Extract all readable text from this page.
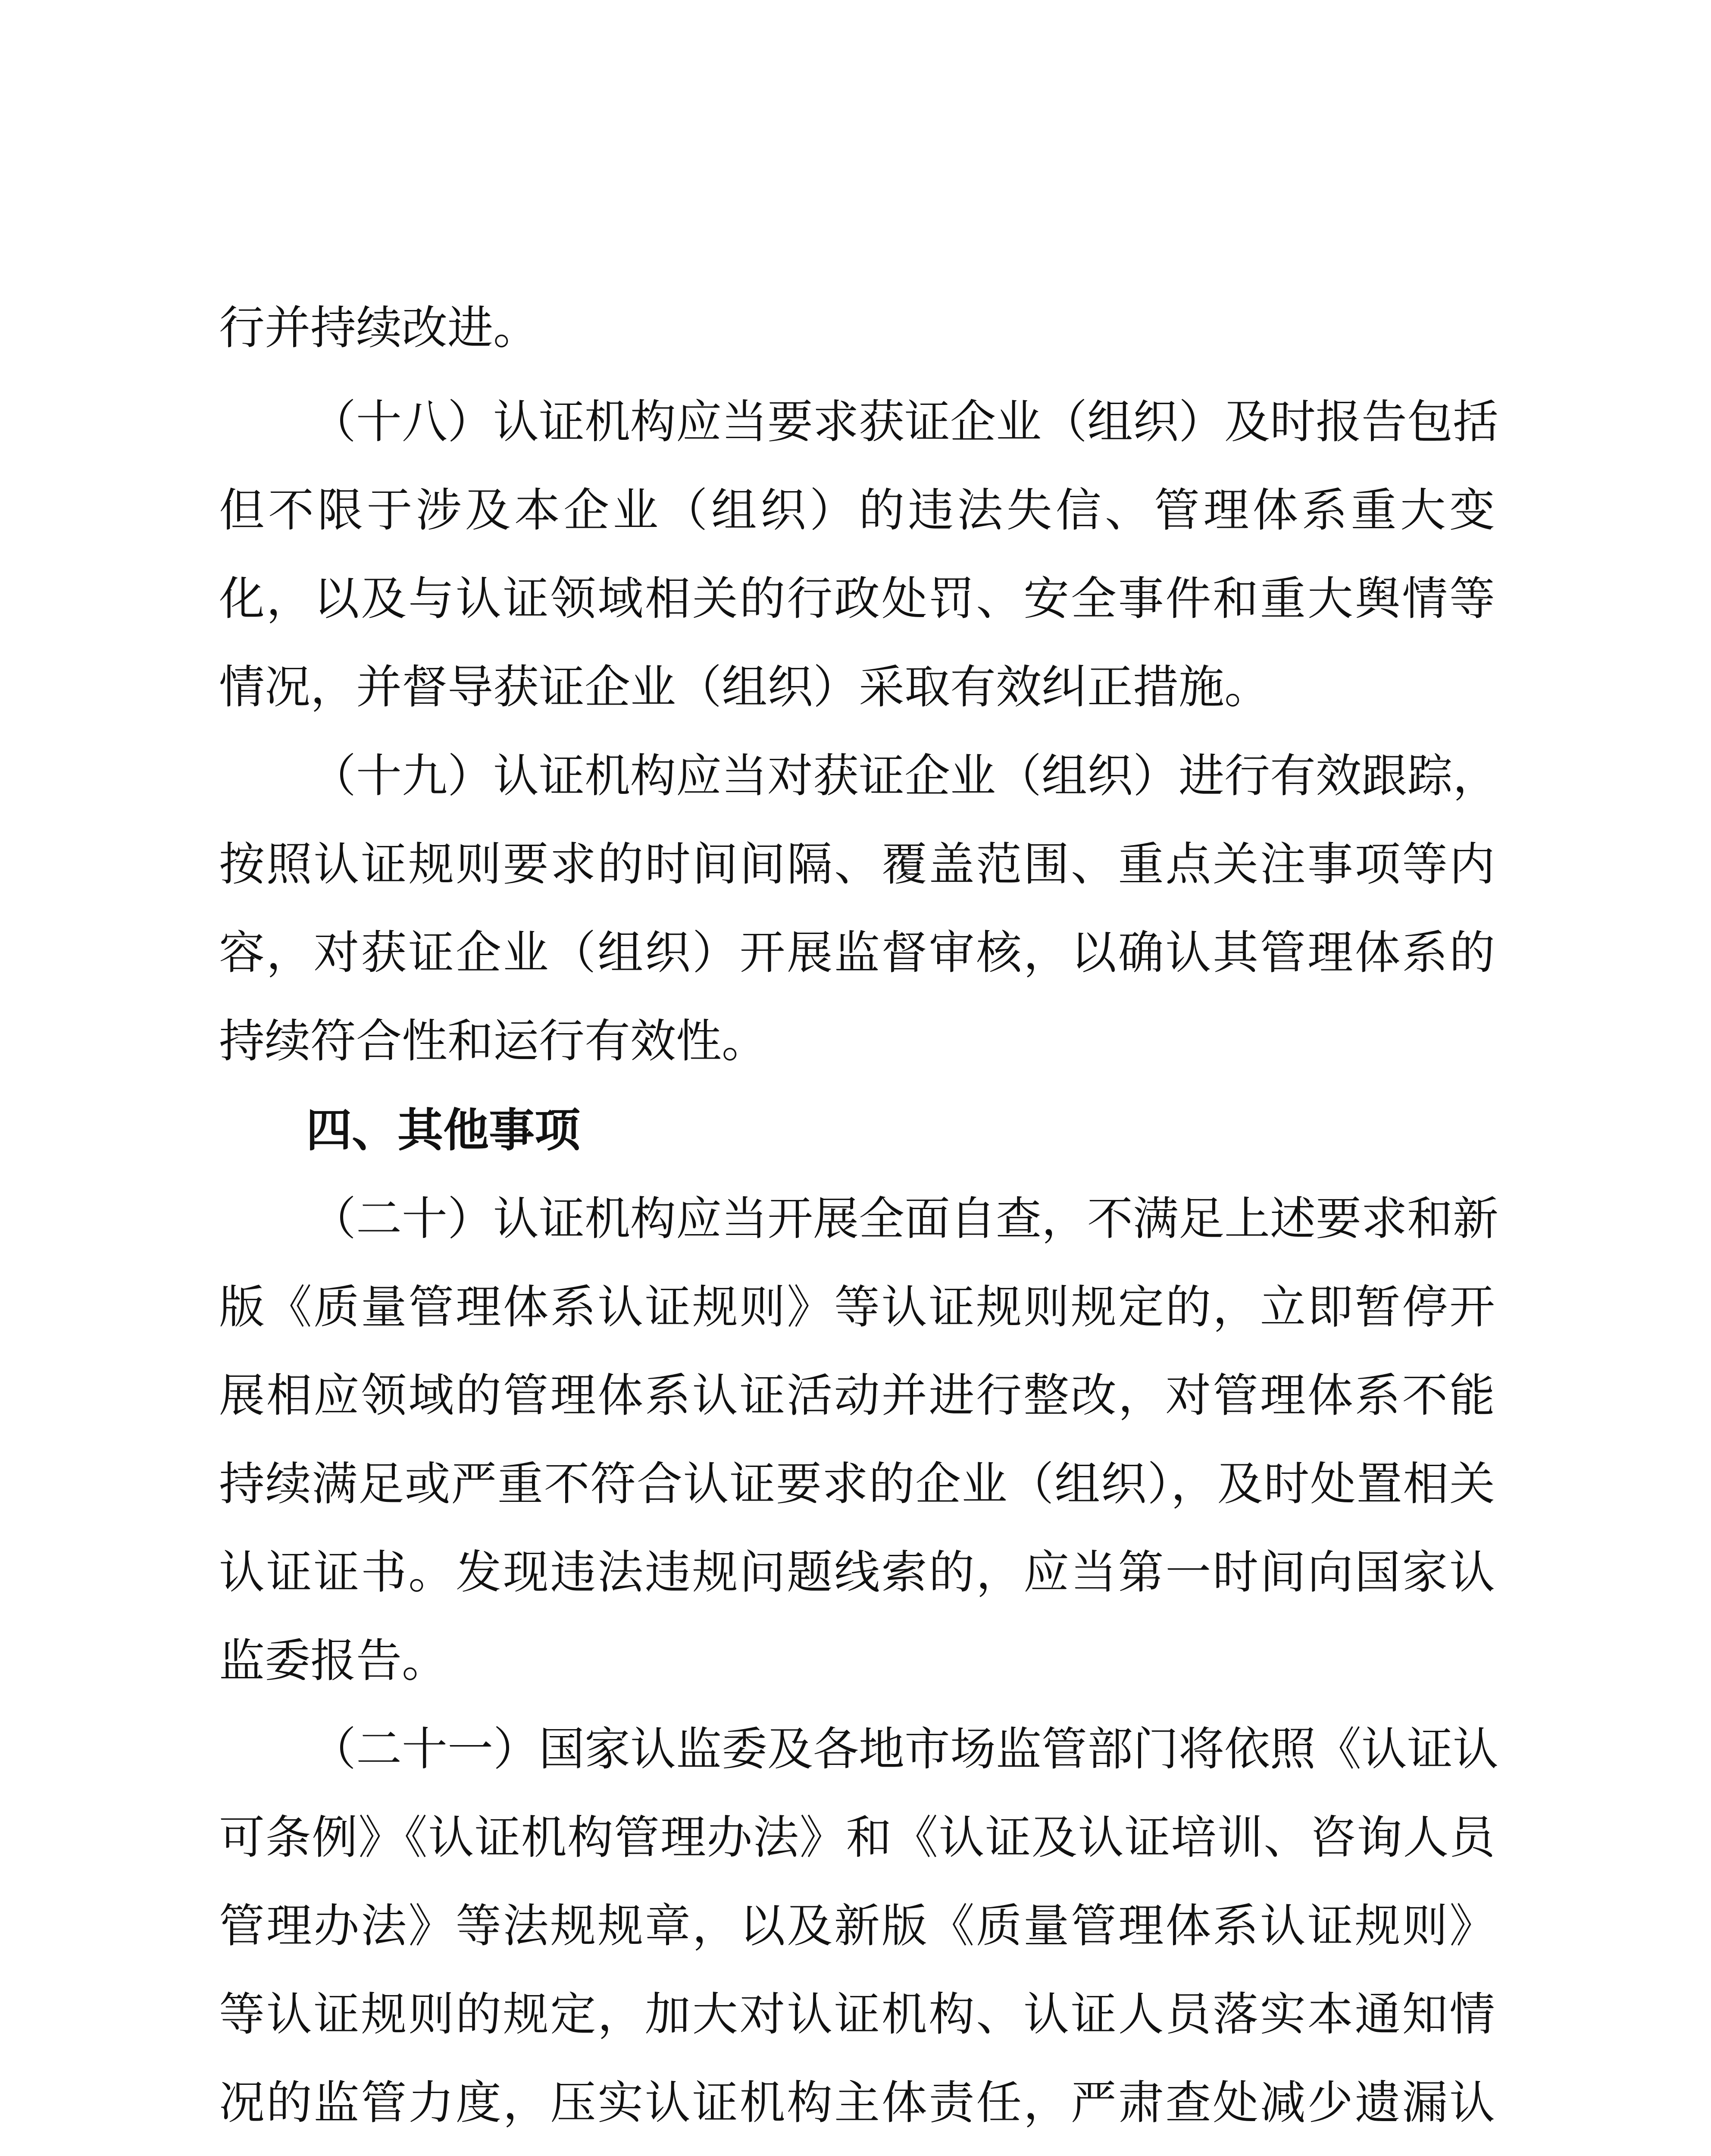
行并持续改进。

（十八）认证机构应当要求获证企业（组织）及时报告包括

但不限于涉及本企业（组织）的违法失信、管理体系重大变

化，以及与认证领域相关的行政处罚、安全事件和重大舆情等

情况，并督导获证企业（组织）采取有效纠正措施。

（十九）认证机构应当对获证企业（组织）进行有效跟踪，

按照认证规则要求的时间间隔、覆盖范围、重点关注事项等内

容，对获证企业（组织）开展监督审核，以确认其管理体系的

持续符合性和运行有效性。

四、其他事项

（二十）认证机构应当开展全面自查，不满足上述要求和新

版《质量管理体系认证规则》等认证规则规定的，立即暂停开

展相应领域的管理体系认证活动并进行整改，对管理体系不能

持续满足或严重不符合认证要求的企业（组织），及时处置相关

认证证书。发现违法违规问题线索的，应当第一时间向国家认

监委报告。

（二十一）国家认监委及各地市场监管部门将依照《认证认

可条例》《认证机构管理办法》和《认证及认证培训、咨询人员

管理办法》等法规规章，以及新版《质量管理体系认证规则》

等认证规则的规定，加大对认证机构、认证人员落实本通知情

况的监管力度，压实认证机构主体责任，严肃查处减少遗漏认
